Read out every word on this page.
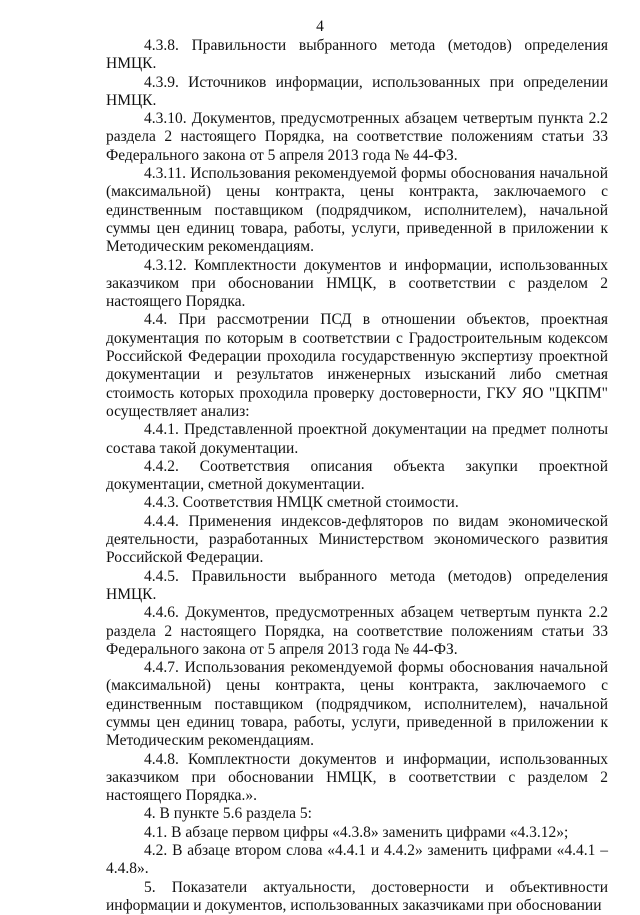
4

4.3.8. Правильности выбранного метода (методов) определения НМЦК.

4.3.9. Источников информации, использованных при определении НМЦК.

4.3.10. Документов, предусмотренных абзацем четвертым пункта 2.2 раздела 2 настоящего Порядка, на соответствие положениям статьи 33 Федерального закона от 5 апреля 2013 года № 44-ФЗ.

4.3.11. Использования рекомендуемой формы обоснования начальной (максимальной) цены контракта, цены контракта, заключаемого с единственным поставщиком (подрядчиком, исполнителем), начальной суммы цен единиц товара, работы, услуги, приведенной в приложении к Методическим рекомендациям.

4.3.12. Комплектности документов и информации, использованных заказчиком при обосновании НМЦК, в соответствии с разделом 2 настоящего Порядка.

4.4. При рассмотрении ПСД в отношении объектов, проектная документация по которым в соответствии с Градостроительным кодексом Российской Федерации проходила государственную экспертизу проектной документации и результатов инженерных изысканий либо сметная стоимость которых проходила проверку достоверности, ГКУ ЯО "ЦКПМ" осуществляет анализ:

4.4.1. Представленной проектной документации на предмет полноты состава такой документации.

4.4.2. Соответствия описания объекта закупки проектной документации, сметной документации.

4.4.3. Соответствия НМЦК сметной стоимости.

4.4.4. Применения индексов-дефляторов по видам экономической деятельности, разработанных Министерством экономического развития Российской Федерации.

4.4.5. Правильности выбранного метода (методов) определения НМЦК.

4.4.6. Документов, предусмотренных абзацем четвертым пункта 2.2 раздела 2 настоящего Порядка, на соответствие положениям статьи 33 Федерального закона от 5 апреля 2013 года № 44-ФЗ.

4.4.7. Использования рекомендуемой формы обоснования начальной (максимальной) цены контракта, цены контракта, заключаемого с единственным поставщиком (подрядчиком, исполнителем), начальной суммы цен единиц товара, работы, услуги, приведенной в приложении к Методическим рекомендациям.

4.4.8. Комплектности документов и информации, использованных заказчиком при обосновании НМЦК, в соответствии с разделом 2 настоящего Порядка.».

4. В пункте 5.6 раздела 5:

4.1. В абзаце первом цифры «4.3.8» заменить цифрами «4.3.12»;

4.2. В абзаце втором слова «4.4.1 и 4.4.2» заменить цифрами «4.4.1 – 4.4.8».

5. Показатели актуальности, достоверности и объективности информации и документов, использованных заказчиками при обосновании
